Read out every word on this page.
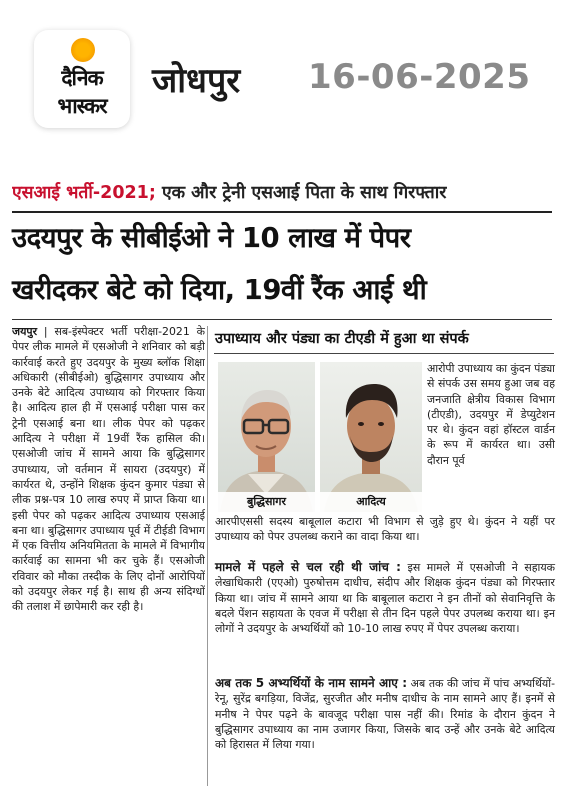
दैनिक
भास्कर
जोधपुर 16-06-2025
एसआई भर्ती-2021; एक और ट्रेनी एसआई पिता के साथ गिरफ्तार
उदयपुर के सीबीईओ ने 10 लाख में पेपर
खरीदकर बेटे को दिया, 19वीं रैंक आई थी
जयपुर | सब-इंस्पेक्टर भर्ती परीक्षा-2021 के पेपर लीक मामले में एसओजी ने शनिवार को बड़ी कार्रवाई करते हुए उदयपुर के मुख्य ब्लॉक शिक्षा अधिकारी (सीबीईओ) बुद्धिसागर उपाध्याय और उनके बेटे आदित्य उपाध्याय को गिरफ्तार किया है। आदित्य हाल ही में एसआई परीक्षा पास कर ट्रेनी एसआई बना था। लीक पेपर को पढ़कर आदित्य ने परीक्षा में 19वीं रैंक हासिल की। एसओजी जांच में सामने आया कि बुद्धिसागर उपाध्याय, जो वर्तमान में सायरा (उदयपुर) में कार्यरत थे, उन्होंने शिक्षक कुंदन कुमार पंड्या से लीक प्रश्न-पत्र 10 लाख रुपए में प्राप्त किया था। इसी पेपर को पढ़कर आदित्य उपाध्याय एसआई बना था। बुद्धिसागर उपाध्याय पूर्व में टीईडी विभाग में एक वित्तीय अनियमितता के मामले में विभागीय कार्रवाई का सामना भी कर चुके हैं। एसओजी रविवार को मौका तस्दीक के लिए दोनों आरोपियों को उदयपुर लेकर गई है। साथ ही अन्य संदिग्धों की तलाश में छापेमारी कर रही है।
उपाध्याय और पंड्या का टीएडी में हुआ था संपर्क
बुद्धिसागर	आदित्य
आरोपी उपाध्याय का कुंदन पंड्या से संपर्क उस समय हुआ जब वह जनजाति क्षेत्रीय विकास विभाग (टीएडी), उदयपुर में डेप्युटेशन पर थे। कुंदन वहां हॉस्टल वार्डन के रूप में कार्यरत था। उसी दौरान पूर्व
आरपीएससी सदस्य बाबूलाल कटारा भी विभाग से जुड़े हुए थे। कुंदन ने यहीं पर उपाध्याय को पेपर उपलब्ध कराने का वादा किया था।
मामले में पहले से चल रही थी जांच : इस मामले में एसओजी ने सहायक लेखाधिकारी (एएओ) पुरुषोत्तम दाधीच, संदीप और शिक्षक कुंदन पंड्या को गिरफ्तार किया था। जांच में सामने आया था कि बाबूलाल कटारा ने इन तीनों को सेवानिवृत्ति के बदले पेंशन सहायता के एवज में परीक्षा से तीन दिन पहले पेपर उपलब्ध कराया था। इन लोगों ने उदयपुर के अभ्यर्थियों को 10-10 लाख रुपए में पेपर उपलब्ध कराया।
अब तक 5 अभ्यर्थियों के नाम सामने आए : अब तक की जांच में पांच अभ्यर्थियों- रेनू, सुरेंद्र बगड़िया, विजेंद्र, सुरजीत और मनीष दाधीच के नाम सामने आए हैं। इनमें से मनीष ने पेपर पढ़ने के बावजूद परीक्षा पास नहीं की। रिमांड के दौरान कुंदन ने बुद्धिसागर उपाध्याय का नाम उजागर किया, जिसके बाद उन्हें और उनके बेटे आदित्य को हिरासत में लिया गया।
